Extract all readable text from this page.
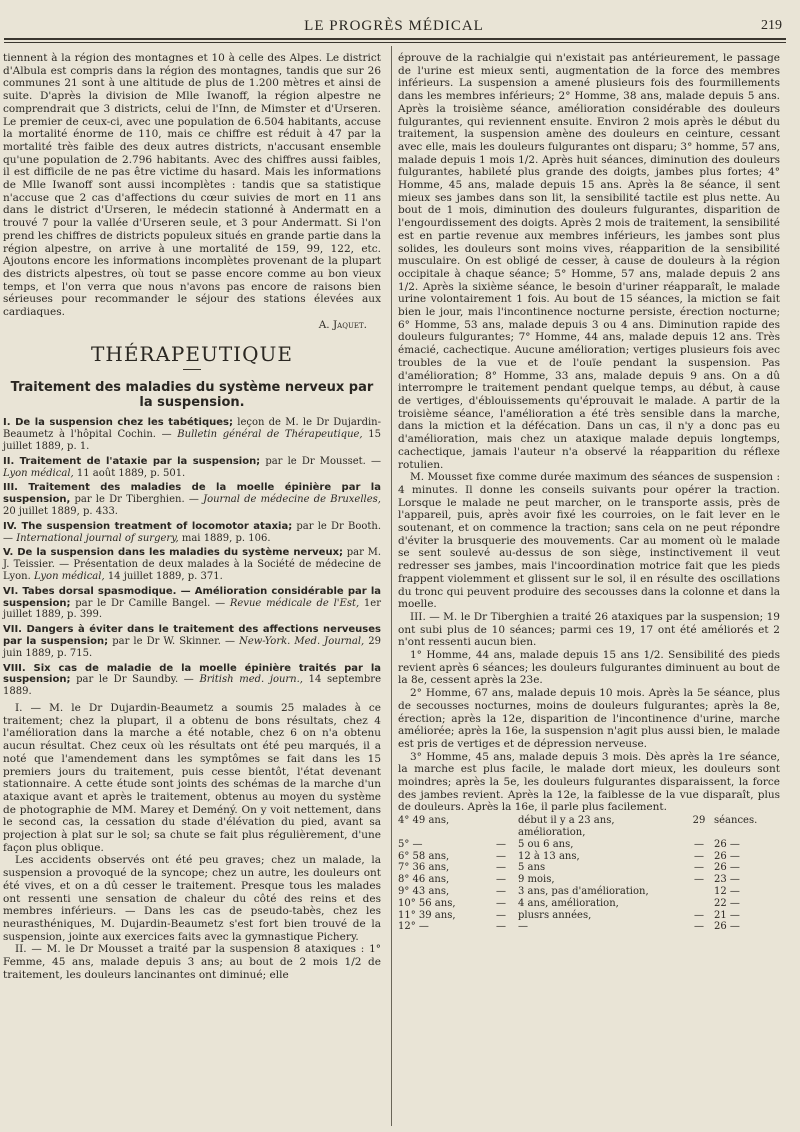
LE PROGRÈS MÉDICAL	219

tiennent à la région des montagnes et 10 à celle des Alpes. Le district d'Albula est compris dans la région des montagnes, tandis que sur 26 communes 21 sont à une altitude de plus de 1.200 mètres et ainsi de suite. D'après la division de Mlle Iwanoff, la région alpestre ne comprendrait que 3 districts, celui de l'Inn, de Mimster et d'Urseren. Le premier de ceux-ci, avec une population de 6.504 habitants, accuse la mortalité énorme de 110, mais ce chiffre est réduit à 47 par la mortalité très faible des deux autres districts, n'accusant ensemble qu'une population de 2.796 habitants. Avec des chiffres aussi faibles, il est difficile de ne pas être victime du hasard. Mais les informations de Mlle Iwanoff sont aussi incomplètes : tandis que sa statistique n'accuse que 2 cas d'affections du cœur suivies de mort en 11 ans dans le district d'Urseren, le médecin stationné à Andermatt en a trouvé 7 pour la vallée d'Urseren seule, et 3 pour Andermatt. Si l'on prend les chiffres de districts populeux situés en grande partie dans la région alpestre, on arrive à une mortalité de 159, 99, 122, etc. Ajoutons encore les informations incomplètes provenant de la plupart des districts alpestres, où tout se passe encore comme au bon vieux temps, et l'on verra que nous n'avons pas encore de raisons bien sérieuses pour recommander le séjour des stations élevées aux cardiaques.

A. Jaquet.

THÉRAPEUTIQUE
Traitement des maladies du système nerveux par la suspension.

I. De la suspension chez les tabétiques; leçon de M. le Dr Dujardin-Beaumetz à l'hôpital Cochin. — Bulletin général de Thérapeutique, 15 juillet 1889, p. 1.

II. Traitement de l'ataxie par la suspension; par le Dr Mousset. — Lyon médical, 11 août 1889, p. 501.

III. Traitement des maladies de la moelle épinière par la suspension, par le Dr Tiberghien. — Journal de médecine de Bruxelles, 20 juillet 1889, p. 433.

IV. The suspension treatment of locomotor ataxia; par le Dr Booth. — International journal of surgery, mai 1889, p. 106.

V. De la suspension dans les maladies du système nerveux; par M. J. Teissier. — Présentation de deux malades à la Société de médecine de Lyon. Lyon médical, 14 juillet 1889, p. 371.

VI. Tabes dorsal spasmodique. — Amélioration considérable par la suspension; par le Dr Camille Bangel. — Revue médicale de l'Est, 1er juillet 1889, p. 399.

VII. Dangers à éviter dans le traitement des affections nerveuses par la suspension; par le Dr W. Skinner. — New-York. Med. Journal, 29 juin 1889, p. 715.

VIII. Six cas de maladie de la moelle épinière traités par la suspension; par le Dr Saundby. — British med. journ., 14 septembre 1889.

I. — M. le Dr Dujardin-Beaumetz a soumis 25 malades à ce traitement; chez la plupart, il a obtenu de bons résultats, chez 4 l'amélioration dans la marche a été notable, chez 6 on n'a obtenu aucun résultat. Chez ceux où les résultats ont été peu marqués, il a noté que l'amendement dans les symptômes se fait dans les 15 premiers jours du traitement, puis cesse bientôt, l'état devenant stationnaire. A cette étude sont joints des schémas de la marche d'un ataxique avant et après le traitement, obtenus au moyen du système de photographie de MM. Marey et Deméný. On y voit nettement, dans le second cas, la cessation du stade d'élévation du pied, avant sa projection à plat sur le sol; sa chute se fait plus régulièrement, d'une façon plus oblique.

Les accidents observés ont été peu graves; chez un malade, la suspension a provoqué de la syncope; chez un autre, les douleurs ont été vives, et on a dû cesser le traitement. Presque tous les malades ont ressenti une sensation de chaleur du côté des reins et des membres inférieurs. — Dans les cas de pseudo-tabès, chez les neurasthéniques, M. Dujardin-Beaumetz s'est fort bien trouvé de la suspension, jointe aux exercices faits avec la gymnastique Pichery.

II. — M. le Dr Mousset a traité par la suspension 8 ataxiques : 1° Femme, 45 ans, malade depuis 3 ans; au bout de 2 mois 1/2 de traitement, les douleurs lancinantes ont diminué; elle

éprouve de la rachialgie qui n'existait pas antérieurement, le passage de l'urine est mieux senti, augmentation de la force des membres inférieurs. La suspension a amené plusieurs fois des fourmillements dans les membres inférieurs; 2° Homme, 38 ans, malade depuis 5 ans. Après la troisième séance, amélioration considérable des douleurs fulgurantes, qui reviennent ensuite. Environ 2 mois après le début du traitement, la suspension amène des douleurs en ceinture, cessant avec elle, mais les douleurs fulgurantes ont disparu; 3° homme, 57 ans, malade depuis 1 mois 1/2. Après huit séances, diminution des douleurs fulgurantes, habileté plus grande des doigts, jambes plus fortes; 4° Homme, 45 ans, malade depuis 15 ans. Après la 8e séance, il sent mieux ses jambes dans son lit, la sensibilité tactile est plus nette. Au bout de 1 mois, diminution des douleurs fulgurantes, disparition de l'engourdissement des doigts. Après 2 mois de traitement, la sensibilité est en partie revenue aux membres inférieurs, les jambes sont plus solides, les douleurs sont moins vives, réapparition de la sensibilité musculaire. On est obligé de cesser, à cause de douleurs à la région occipitale à chaque séance; 5° Homme, 57 ans, malade depuis 2 ans 1/2. Après la sixième séance, le besoin d'uriner réapparaît, le malade urine volontairement 1 fois. Au bout de 15 séances, la miction se fait bien le jour, mais l'incontinence nocturne persiste, érection nocturne; 6° Homme, 53 ans, malade depuis 3 ou 4 ans. Diminution rapide des douleurs fulgurantes; 7° Homme, 44 ans, malade depuis 12 ans. Très émacié, cachectique. Aucune amélioration; vertiges plusieurs fois avec troubles de la vue et de l'ouïe pendant la suspension. Pas d'amélioration; 8° Homme, 33 ans, malade depuis 9 ans. On a dû interrompre le traitement pendant quelque temps, au début, à cause de vertiges, d'éblouissements qu'éprouvait le malade. A partir de la troisième séance, l'amélioration a été très sensible dans la marche, dans la miction et la défécation. Dans un cas, il n'y a donc pas eu d'amélioration, mais chez un ataxique malade depuis longtemps, cachectique, jamais l'auteur n'a observé la réapparition du réflexe rotulien.

M. Mousset fixe comme durée maximum des séances de suspension : 4 minutes. Il donne les conseils suivants pour opérer la traction. Lorsque le malade ne peut marcher, on le transporte assis, près de l'appareil, puis, après avoir fixé les courroies, on le fait lever en le soutenant, et on commence la traction; sans cela on ne peut répondre d'éviter la brusquerie des mouvements. Car au moment où le malade se sent soulevé au-dessus de son siège, instinctivement il veut redresser ses jambes, mais l'incoordination motrice fait que les pieds frappent violemment et glissent sur le sol, il en résulte des oscillations du tronc qui peuvent produire des secousses dans la colonne et dans la moelle.

III. — M. le Dr Tiberghien a traité 26 ataxiques par la suspension; 19 ont subi plus de 10 séances; parmi ces 19, 17 ont été améliorés et 2 n'ont ressenti aucun bien.

1° Homme, 44 ans, malade depuis 15 ans 1/2. Sensibilité des pieds revient après 6 séances; les douleurs fulgurantes diminuent au bout de la 8e, cessent après la 23e.

2° Homme, 67 ans, malade depuis 10 mois. Après la 5e séance, plus de secousses nocturnes, moins de douleurs fulgurantes; après la 8e, érection; après la 12e, disparition de l'incontinence d'urine, marche améliorée; après la 16e, la suspension n'agit plus aussi bien, le malade est pris de vertiges et de dépression nerveuse.

3° Homme, 45 ans, malade depuis 3 mois. Dès après la 1re séance, la marche est plus facile, le malade dort mieux, les douleurs sont moindres; après la 5e, les douleurs fulgurantes disparaissent, la force des jambes revient. Après la 12e, la faiblesse de la vue disparaît, plus de douleurs. Après la 16e, il parle plus facilement.

4° 49 ans,		début il y a 23 ans, amélioration,	29	séances.
5° —	—	5 ou 6 ans,	—	26 —
6° 58 ans,	—	12 à 13 ans,	—	26 —
7° 36 ans,	—	5 ans	—	26 —
8° 46 ans,	—	9 mois,	—	23 —
9° 43 ans,	—	3 ans, pas d'amélioration,		12 —
10° 56 ans,	—	4 ans, amélioration,		22 —
11° 39 ans,	—	plusrs années,	—	21 —
12° —	—	—	—	26 —
